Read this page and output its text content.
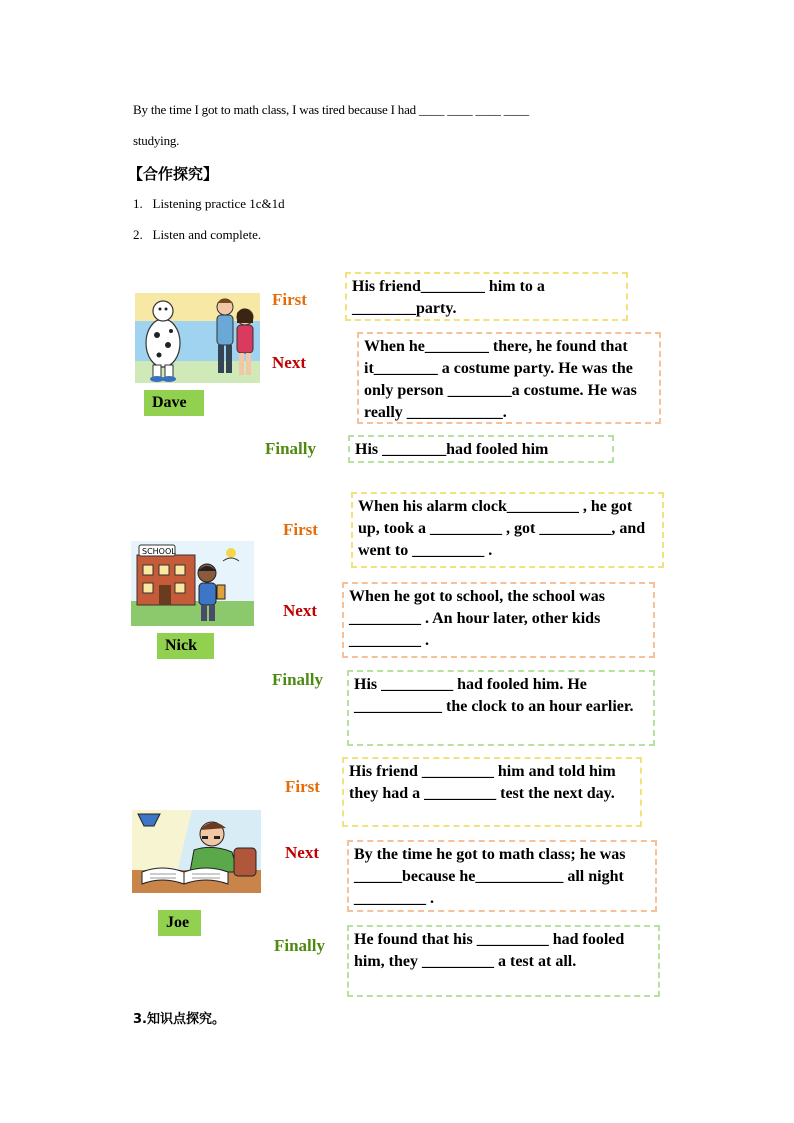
By the time I got to math class, I was tired because I had ____ ____ ____ ____
studying.
【合作探究】
1. Listening practice 1c&1d
2. Listen and complete.
Dave
First
Next
Finally
His friend________ him to a ________party.
When he________ there, he found that it________ a costume party. He was the only person ________a costume. He was really ____________.
His ________had fooled him
SCHOOL
Nick
First
Next
Finally
When his alarm clock_________ , he got up, took a _________ , got _________, and went to _________ .
When he got to school, the school was _________ . An hour later, other kids _________ .
His _________ had fooled him. He ___________ the clock to an hour earlier.
Joe
First
Next
Finally
His friend _________ him and told him they had a _________ test the next day.
By the time he got to math class; he was ______because he___________ all night _________ .
He found that his _________ had fooled him, they _________ a test at all.
3.知识点探究。
